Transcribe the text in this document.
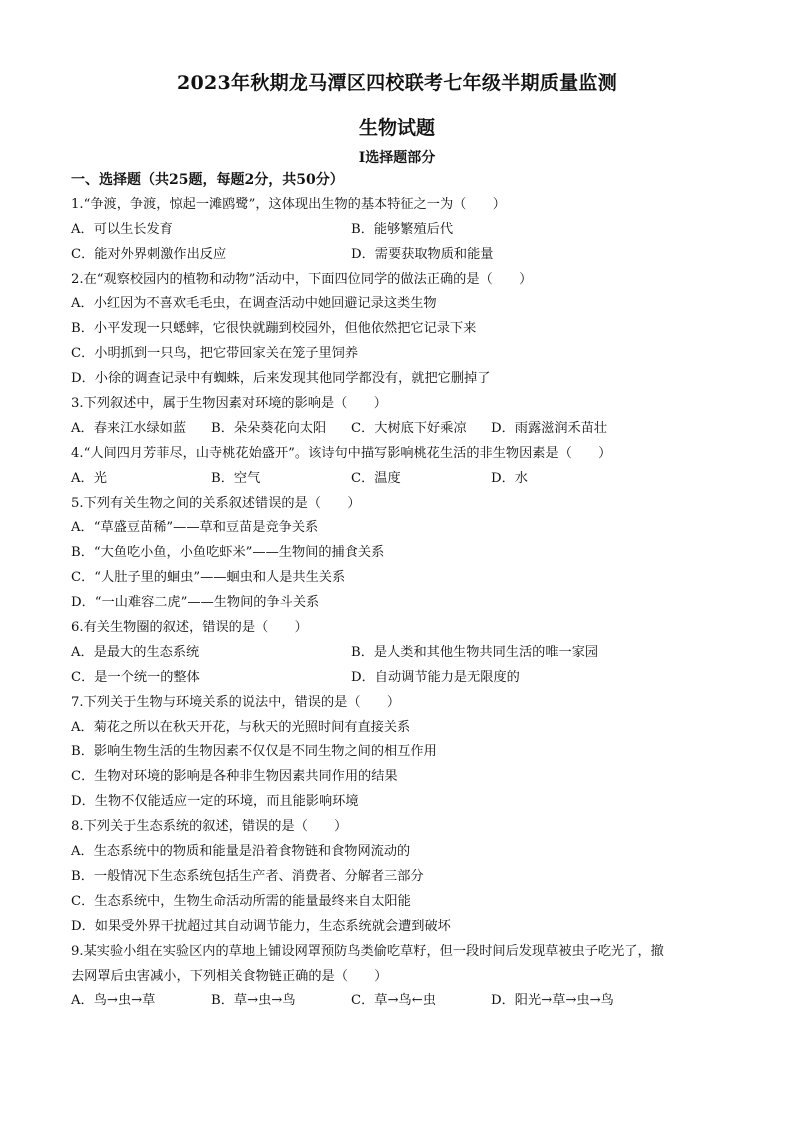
2023年秋期龙马潭区四校联考七年级半期质量监测
生物试题
Ⅰ选择题部分
一、选择题（共25题，每题2分，共50分）
1.“争渡，争渡，惊起一滩鸥鹭”，这体现出生物的基本特征之一为（　　）
A．可以生长发育	B．能够繁殖后代
C．能对外界刺激作出反应	D．需要获取物质和能量
2.在“观察校园内的植物和动物”活动中，下面四位同学的做法正确的是（　　）
A．小红因为不喜欢毛毛虫，在调查活动中她回避记录这类生物
B．小平发现一只蟋蟀，它很快就蹦到校园外，但他依然把它记录下来
C．小明抓到一只鸟，把它带回家关在笼子里饲养
D．小徐的调查记录中有蜘蛛，后来发现其他同学都没有，就把它删掉了
3.下列叙述中，属于生物因素对环境的影响是（　　）
A．春来江水绿如蓝 B．朵朵葵花向太阳 C．大树底下好乘凉 D．雨露滋润禾苗壮
4.“人间四月芳菲尽，山寺桃花始盛开”。该诗句中描写影响桃花生活的非生物因素是（　　）
A．光	B．空气	C．温度	D．水
5.下列有关生物之间的关系叙述错误的是（　　）
A．“草盛豆苗稀”——草和豆苗是竞争关系
B．“大鱼吃小鱼，小鱼吃虾米”——生物间的捕食关系
C．“人肚子里的蛔虫”——蛔虫和人是共生关系
D．“一山难容二虎”——生物间的争斗关系
6.有关生物圈的叙述，错误的是（　　）
A．是最大的生态系统	B．是人类和其他生物共同生活的唯一家园
C．是一个统一的整体	D．自动调节能力是无限度的
7.下列关于生物与环境关系的说法中，错误的是（　　）
A．菊花之所以在秋天开花，与秋天的光照时间有直接关系
B．影响生物生活的生物因素不仅仅是不同生物之间的相互作用
C．生物对环境的影响是各种非生物因素共同作用的结果
D．生物不仅能适应一定的环境，而且能影响环境
8.下列关于生态系统的叙述，错误的是（　　）
A．生态系统中的物质和能量是沿着食物链和食物网流动的
B．一般情况下生态系统包括生产者、消费者、分解者三部分
C．生态系统中，生物生命活动所需的能量最终来自太阳能
D．如果受外界干扰超过其自动调节能力，生态系统就会遭到破坏
9.某实验小组在实验区内的草地上铺设网罩预防鸟类偷吃草籽，但一段时间后发现草被虫子吃光了，撤
去网罩后虫害减小，下列相关食物链正确的是（　　）
A．鸟→虫→草	B．草→虫→鸟	C．草→鸟←虫	D．阳光→草→虫→鸟
